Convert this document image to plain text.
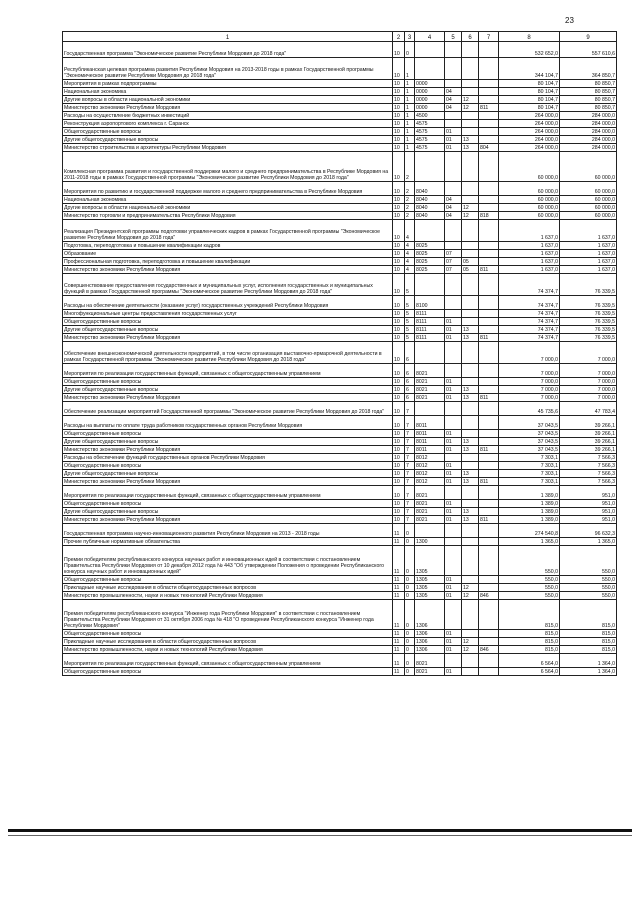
23
1	2	3	4	5	6	7	8	9
Государственная программа "Экономическое развитие Республики Мордовия до 2018 года"	10	0					532 652,0	557 610,6
Республиканская целевая программа развития Республики Мордовия на 2013-2018 годы в рамках Государственной программы "Экономическое развитие Республики Мордовия до 2018 года"	10	1					344 104,7	364 850,7
Мероприятия в рамках подпрограммы	10	1	0000				80 104,7	80 850,7
Национальная экономика	10	1	0000	04			80 104,7	80 850,7
Другие вопросы в области национальной экономики	10	1	0000	04	12		80 104,7	80 850,7
Министерство экономики Республики Мордовия	10	1	0000	04	12	811	80 104,7	80 850,7
Расходы на осуществление бюджетных инвестиций	10	1	4500				264 000,0	284 000,0
Реконструкция аэропортового комплекса г. Саранск	10	1	4575				264 000,0	284 000,0
Общегосударственные вопросы	10	1	4575	01			264 000,0	284 000,0
Другие общегосударственные вопросы	10	1	4575	01	13		264 000,0	284 000,0
Министерство строительства и архитектуры Республики Мордовия	10	1	4575	01	13	804	264 000,0	284 000,0
Комплексная программа развития и государственной поддержки малого и среднего предпринимательства в Республике Мордовия на 2011-2018 годы в рамках Государственной программы "Экономическое развитие Республики Мордовия до 2018 года"	10	2					60 000,0	60 000,0
Мероприятия по развитию и государственной поддержке малого и среднего предпринимательства в Республике Мордовия	10	2	8040				60 000,0	60 000,0
Национальная экономика	10	2	8040	04			60 000,0	60 000,0
Другие вопросы в области национальной экономики	10	2	8040	04	12		60 000,0	60 000,0
Министерство торговли и предпринимательства Республики Мордовия	10	2	8040	04	12	818	60 000,0	60 000,0
Реализация Президентской программы подготовки управленческих кадров в рамках Государственной программы "Экономическое развитие Республики Мордовия до 2018 года"	10	4					1 637,0	1 637,0
Подготовка, переподготовка и повышение квалификации кадров	10	4	8025				1 637,0	1 637,0
Образование	10	4	8025	07			1 637,0	1 637,0
Профессиональная подготовка, переподготовка и повышение квалификации	10	4	8025	07	05		1 637,0	1 637,0
Министерство экономики Республики Мордовия	10	4	8025	07	05	811	1 637,0	1 637,0
Совершенствование предоставления государственных и муниципальных услуг, исполнения государственных и муниципальных функций в рамках Государственной программы "Экономическое развитие Республики Мордовия до 2018 года"	10	5					74 374,7	76 339,5
Расходы на обеспечение деятельности (оказание услуг) государственных учреждений Республики Мордовия	10	5	8100				74 374,7	76 339,5
Многофункциональные центры предоставления государственных услуг	10	5	8111				74 374,7	76 339,5
Общегосударственные вопросы	10	5	8111	01			74 374,7	76 339,5
Другие общегосударственные вопросы	10	5	8111	01	13		74 374,7	76 339,5
Министерство экономики Республики Мордовия	10	5	8111	01	13	811	74 374,7	76 339,5
Обеспечение внешнеэкономической деятельности предприятий, в том числе организация выставочно-ярмарочной деятельности в рамках Государственной программы "Экономическое развитие Республики Мордовия до 2018 года"	10	6					7 000,0	7 000,0
Мероприятия по реализации государственных функций, связанных с общегосударственным управлением	10	6	8021				7 000,0	7 000,0
Общегосударственные вопросы	10	6	8021	01			7 000,0	7 000,0
Другие общегосударственные вопросы	10	6	8021	01	13		7 000,0	7 000,0
Министерство экономики Республики Мордовия	10	6	8021	01	13	811	7 000,0	7 000,0
Обеспечение реализации мероприятий Государственной программы "Экономическое развитие Республики Мордовия до 2018 года"	10	7					45 735,6	47 783,4
Расходы на выплаты по оплате труда работников государственных органов Республики Мордовия	10	7	8011				37 043,5	39 266,1
Общегосударственные вопросы	10	7	8011	01			37 043,5	39 266,1
Другие общегосударственные вопросы	10	7	8011	01	13		37 043,5	39 266,1
Министерство экономики Республики Мордовия	10	7	8011	01	13	811	37 043,5	39 266,1
Расходы на обеспечение функций государственных органов Республики Мордовия	10	7	8012				7 303,1	7 566,3
Общегосударственные вопросы	10	7	8012	01			7 303,1	7 566,3
Другие общегосударственные вопросы	10	7	8012	01	13		7 303,1	7 566,3
Министерство экономики Республики Мордовия	10	7	8012	01	13	811	7 303,1	7 566,3
Мероприятия по реализации государственных функций, связанных с общегосударственным управлением	10	7	8021				1 389,0	951,0
Общегосударственные вопросы	10	7	8021	01			1 389,0	951,0
Другие общегосударственные вопросы	10	7	8021	01	13		1 389,0	951,0
Министерство экономики Республики Мордовия	10	7	8021	01	13	811	1 389,0	951,0
Государственная программа научно-инновационного развития Республики Мордовия на 2013 - 2018 годы	11	0					274 540,8	96 632,3
Прочие публичные нормативные обязательства	11	0	1300				1 365,0	1 365,0
Премии победителям республиканского конкурса научных работ и инновационных идей в соответствии с постановлением Правительства Республики Мордовия от 10 декабря 2012 года № 443 "Об утверждении Положения о проведении Республиканского конкурса научных работ и инновационных идей"	11	0	1305				550,0	550,0
Общегосударственные вопросы	11	0	1305	01			550,0	550,0
Прикладные научные исследования в области общегосударственных вопросов	11	0	1305	01	12		550,0	550,0
Министерство промышленности, науки и новых технологий Республики Мордовия	11	0	1305	01	12	846	550,0	550,0
Премия победителям республиканского конкурса "Инженер года Республики Мордовия" в соответствии с постановлением Правительства Республики Мордовия от 31 октября 2006 года № 418 "О проведении Республиканского конкурса "Инженер года Республики Мордовия"	11	0	1306				815,0	815,0
Общегосударственные вопросы	11	0	1306	01			815,0	815,0
Прикладные научные исследования в области общегосударственных вопросов	11	0	1306	01	12		815,0	815,0
Министерство промышленности, науки и новых технологий Республики Мордовия	11	0	1306	01	12	846	815,0	815,0
Мероприятия по реализации государственных функций, связанных с общегосударственным управлением	11	0	8021				6 564,0	1 364,0
Общегосударственные вопросы	11	0	8021	01			6 564,0	1 364,0
